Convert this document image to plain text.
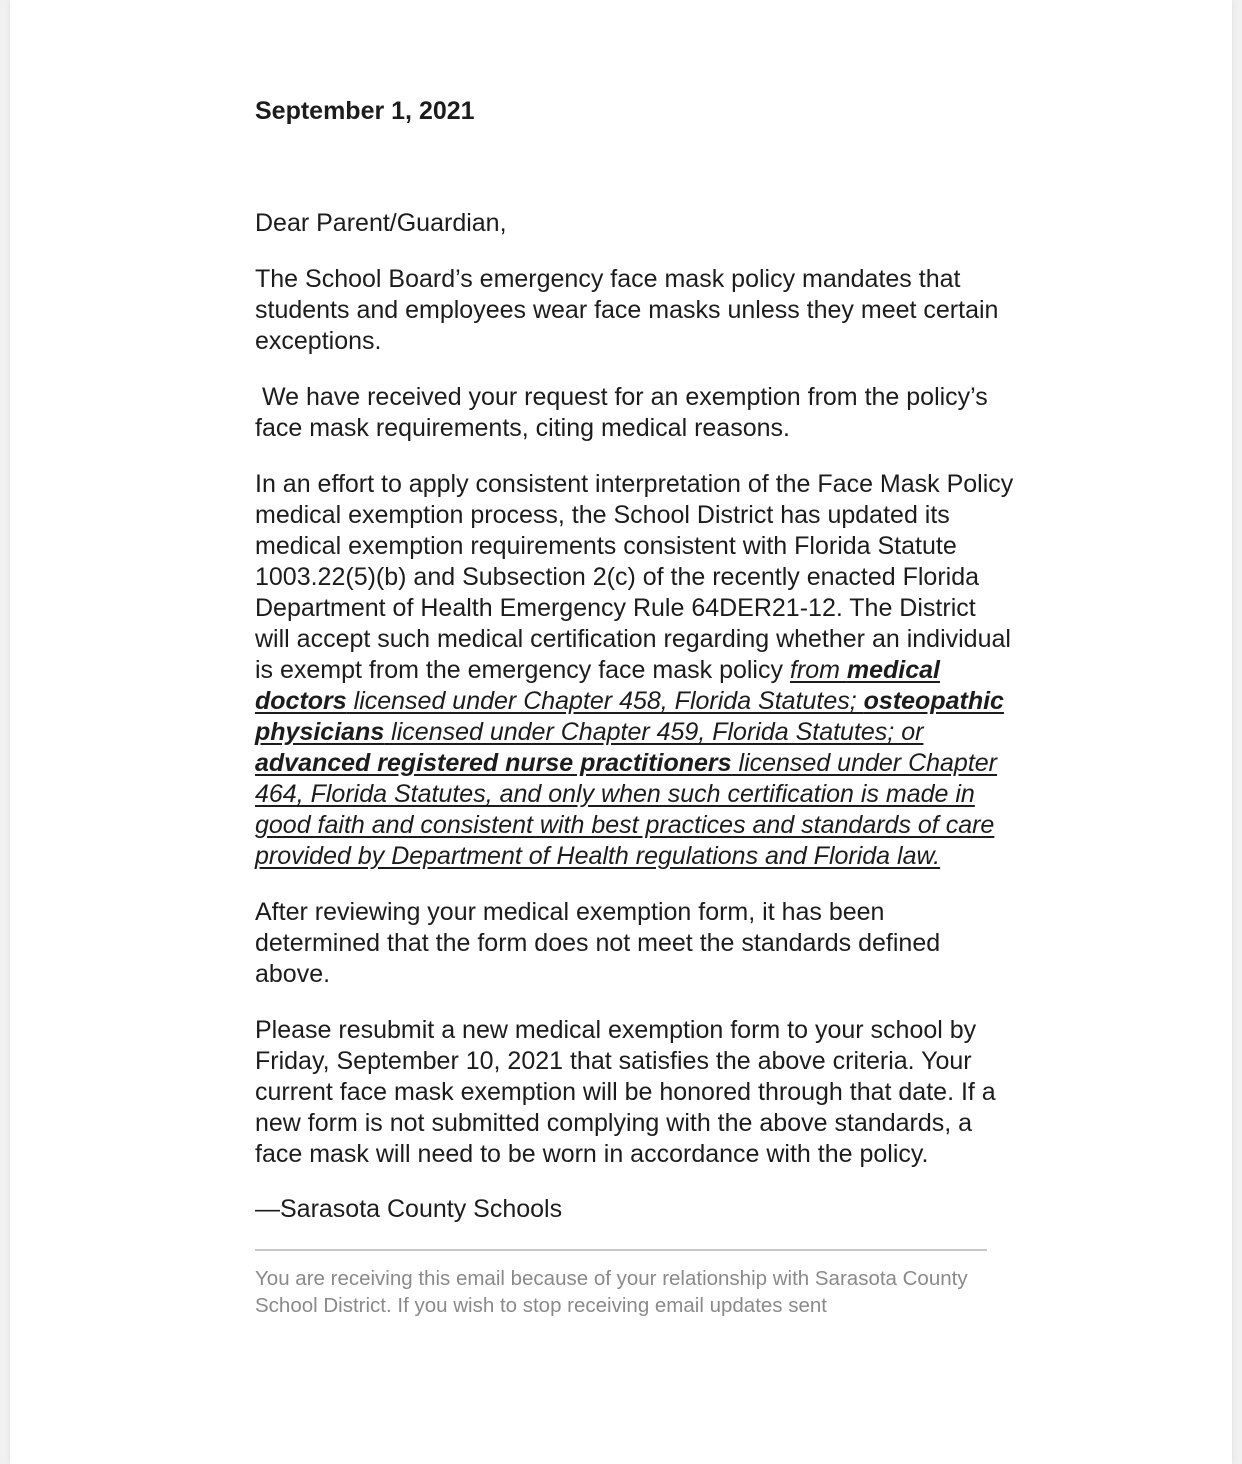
September 1, 2021

Dear Parent/Guardian,

The School Board’s emergency face mask policy mandates that students and employees wear face masks unless they meet certain exceptions.

We have received your request for an exemption from the policy’s face mask requirements, citing medical reasons.

In an effort to apply consistent interpretation of the Face Mask Policy medical exemption process, the School District has updated its medical exemption requirements consistent with Florida Statute 1003.22(5)(b) and Subsection 2(c) of the recently enacted Florida Department of Health Emergency Rule 64DER21-12. The District will accept such medical certification regarding whether an individual is exempt from the emergency face mask policy from medical doctors licensed under Chapter 458, Florida Statutes; osteopathic physicians licensed under Chapter 459, Florida Statutes; or advanced registered nurse practitioners licensed under Chapter 464, Florida Statutes, and only when such certification is made in good faith and consistent with best practices and standards of care provided by Department of Health regulations and Florida law.

After reviewing your medical exemption form, it has been determined that the form does not meet the standards defined above.

Please resubmit a new medical exemption form to your school by Friday, September 10, 2021 that satisfies the above criteria. Your current face mask exemption will be honored through that date. If a new form is not submitted complying with the above standards, a face mask will need to be worn in accordance with the policy.

—Sarasota County Schools

You are receiving this email because of your relationship with Sarasota County School District. If you wish to stop receiving email updates sent
